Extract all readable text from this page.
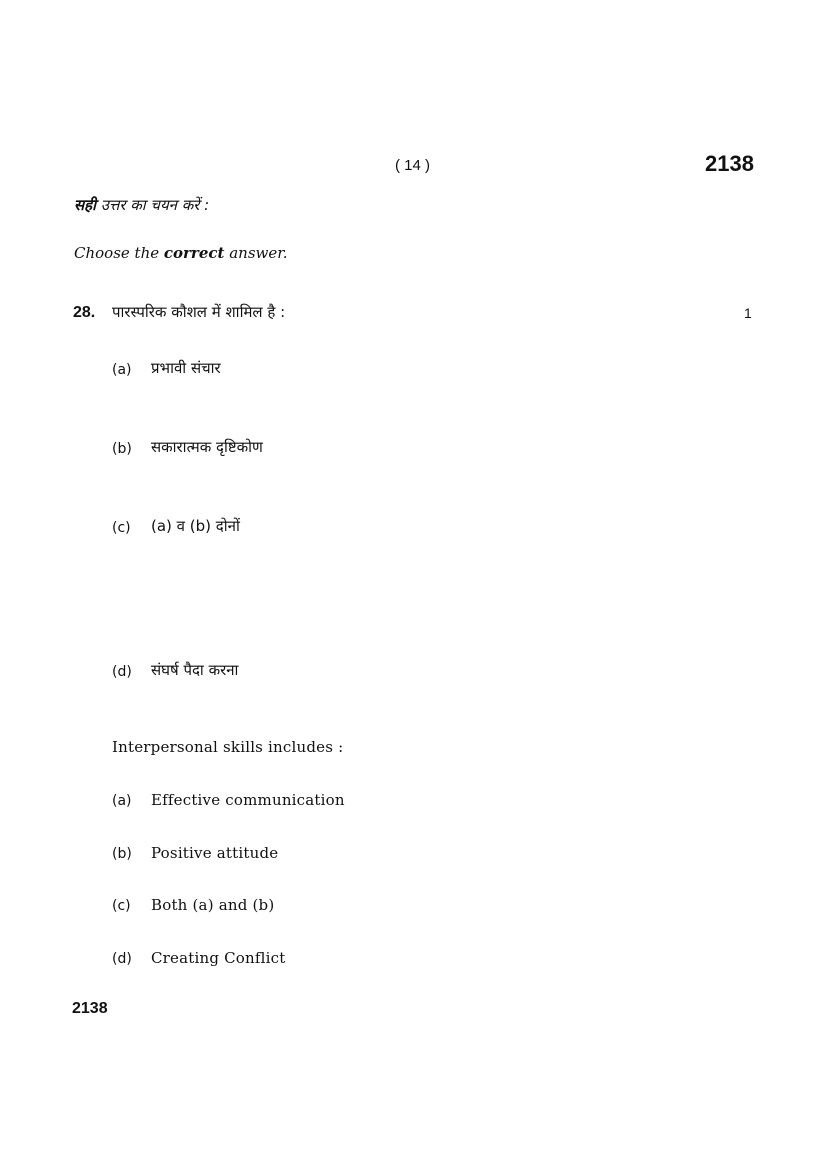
( 14 )	2138
सही उत्तर का चयन करें :
Choose the correct answer.
28. पारस्परिक कौशल में शामिल है :	1
(a) प्रभावी संचार
(b) सकारात्मक दृष्टिकोण
(c) (a) व (b) दोनों
(d) संघर्ष पैदा करना
Interpersonal skills includes :
(a) Effective communication
(b) Positive attitude
(c) Both (a) and (b)
(d) Creating Conflict
2138
